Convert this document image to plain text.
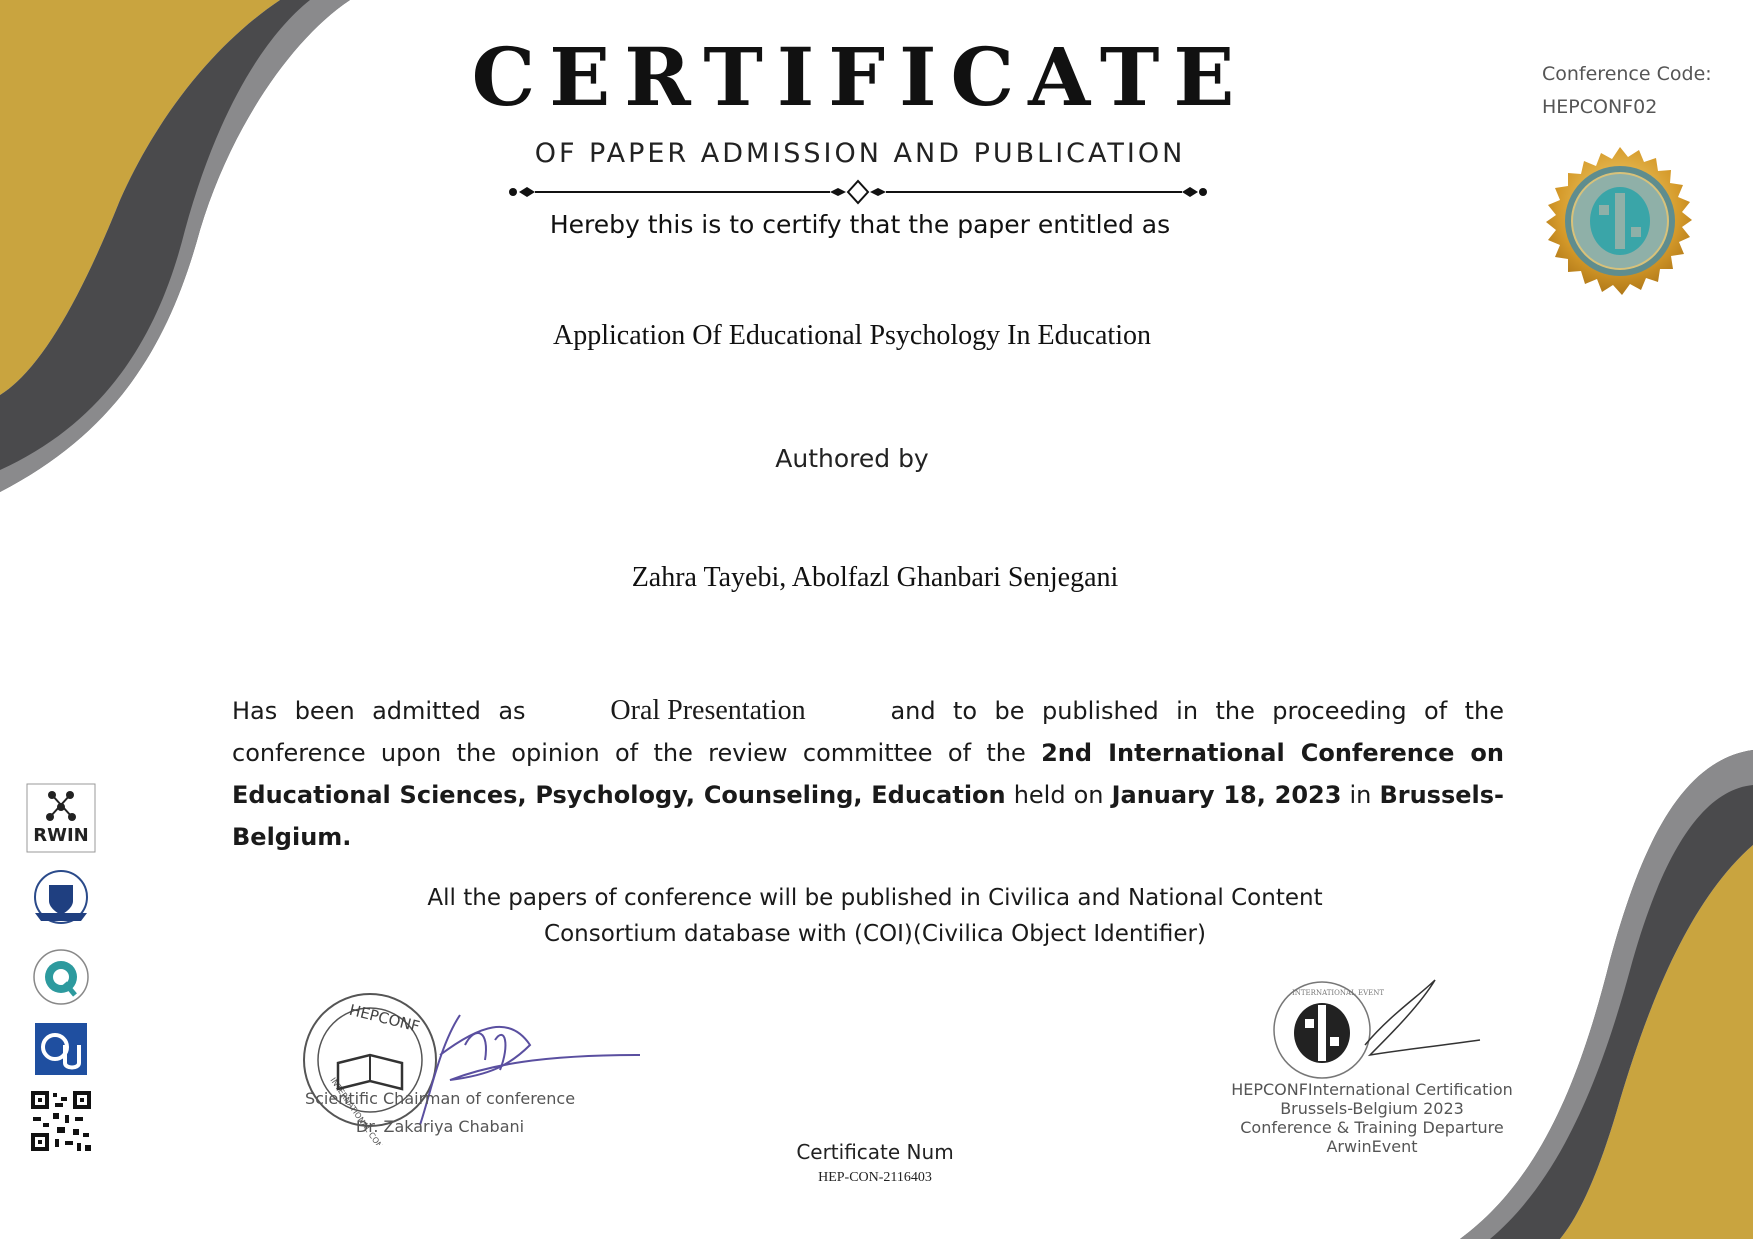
CERTIFICATE
OF PAPER ADMISSION AND PUBLICATION
Hereby this is to certify that the paper entitled as
Application Of Educational Psychology In Education
Authored by
Zahra Tayebi, Abolfazl Ghanbari Senjegani
Has been admitted as	Oral Presentation	and to be published in the proceeding of the conference upon the opinion of the review committee of the 2nd International Conference on Educational Sciences, Psychology, Counseling, Education held on January 18, 2023 in Brussels-Belgium.
All the papers of conference will be published in Civilica and National Content
Consortium database with (COI)(Civilica Object Identifier)
Conference Code:
HEPCONF02
HEPCONF
INTERNATIONAL CONFERENCE
Scientific Chairman of conference
Dr. Zakariya Chabani
INTERNATIONAL EVENT
HEPCONFInternational Certification
Brussels-Belgium 2023
Conference & Training Departure
ArwinEvent
Certificate Num
HEP-CON-2116403
RWIN
